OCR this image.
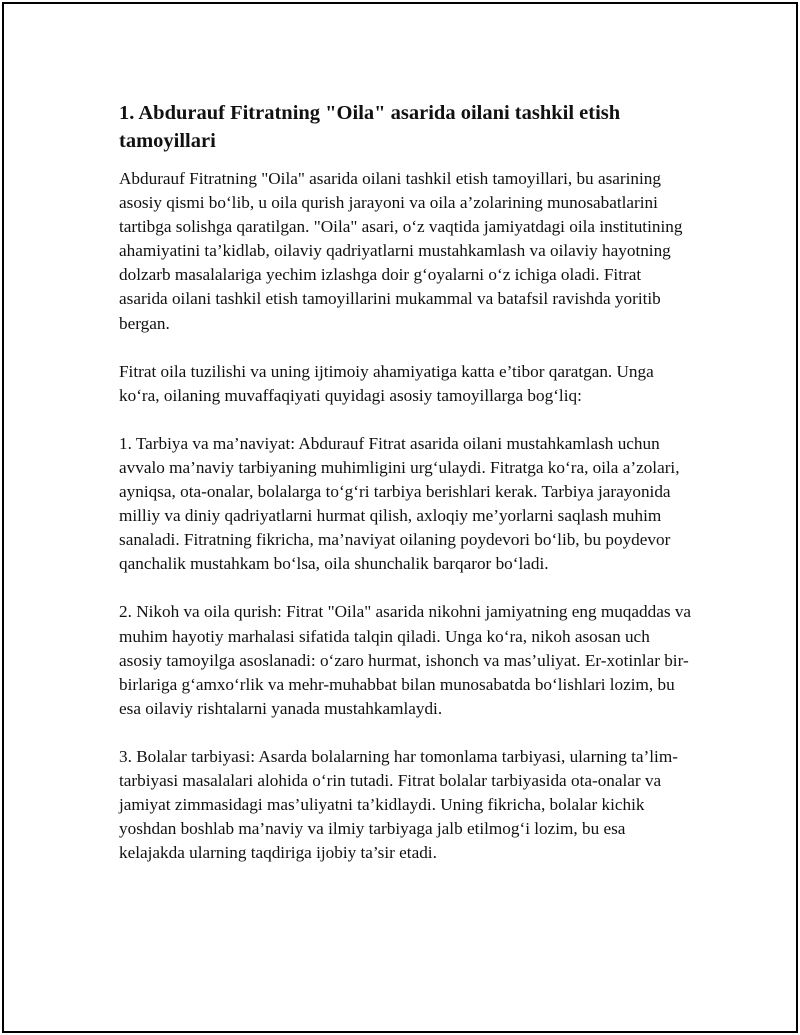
1. Abdurauf Fitratning "Oila" asarida oilani tashkil etish tamoyillari

Abdurauf Fitratning "Oila" asarida oilani tashkil etish tamoyillari, bu asarining asosiy qismi bo‘lib, u oila qurish jarayoni va oila a’zolarining munosabatlarini tartibga solishga qaratilgan. "Oila" asari, o‘z vaqtida jamiyatdagi oila institutining ahamiyatini ta’kidlab, oilaviy qadriyatlarni mustahkamlash va oilaviy hayotning dolzarb masalalariga yechim izlashga doir g‘oyalarni o‘z ichiga oladi. Fitrat asarida oilani tashkil etish tamoyillarini mukammal va batafsil ravishda yoritib bergan.

Fitrat oila tuzilishi va uning ijtimoiy ahamiyatiga katta e’tibor qaratgan. Unga ko‘ra, oilaning muvaffaqiyati quyidagi asosiy tamoyillarga bog‘liq:

1. Tarbiya va ma’naviyat: Abdurauf Fitrat asarida oilani mustahkamlash uchun avvalo ma’naviy tarbiyaning muhimligini urg‘ulaydi. Fitratga ko‘ra, oila a’zolari, ayniqsa, ota-onalar, bolalarga to‘g‘ri tarbiya berishlari kerak. Tarbiya jarayonida milliy va diniy qadriyatlarni hurmat qilish, axloqiy me’yorlarni saqlash muhim sanaladi. Fitratning fikricha, ma’naviyat oilaning poydevori bo‘lib, bu poydevor qanchalik mustahkam bo‘lsa, oila shunchalik barqaror bo‘ladi.

2. Nikoh va oila qurish: Fitrat "Oila" asarida nikohni jamiyatning eng muqaddas va muhim hayotiy marhalasi sifatida talqin qiladi. Unga ko‘ra, nikoh asosan uch asosiy tamoyilga asoslanadi: o‘zaro hurmat, ishonch va mas’uliyat. Er-xotinlar bir-birlariga g‘amxo‘rlik va mehr-muhabbat bilan munosabatda bo‘lishlari lozim, bu esa oilaviy rishtalarni yanada mustahkamlaydi.

3. Bolalar tarbiyasi: Asarda bolalarning har tomonlama tarbiyasi, ularning ta’lim-tarbiyasi masalalari alohida o‘rin tutadi. Fitrat bolalar tarbiyasida ota-onalar va jamiyat zimmasidagi mas’uliyatni ta’kidlaydi. Uning fikricha, bolalar kichik yoshdan boshlab ma’naviy va ilmiy tarbiyaga jalb etilmog‘i lozim, bu esa kelajakda ularning taqdiriga ijobiy ta’sir etadi.
